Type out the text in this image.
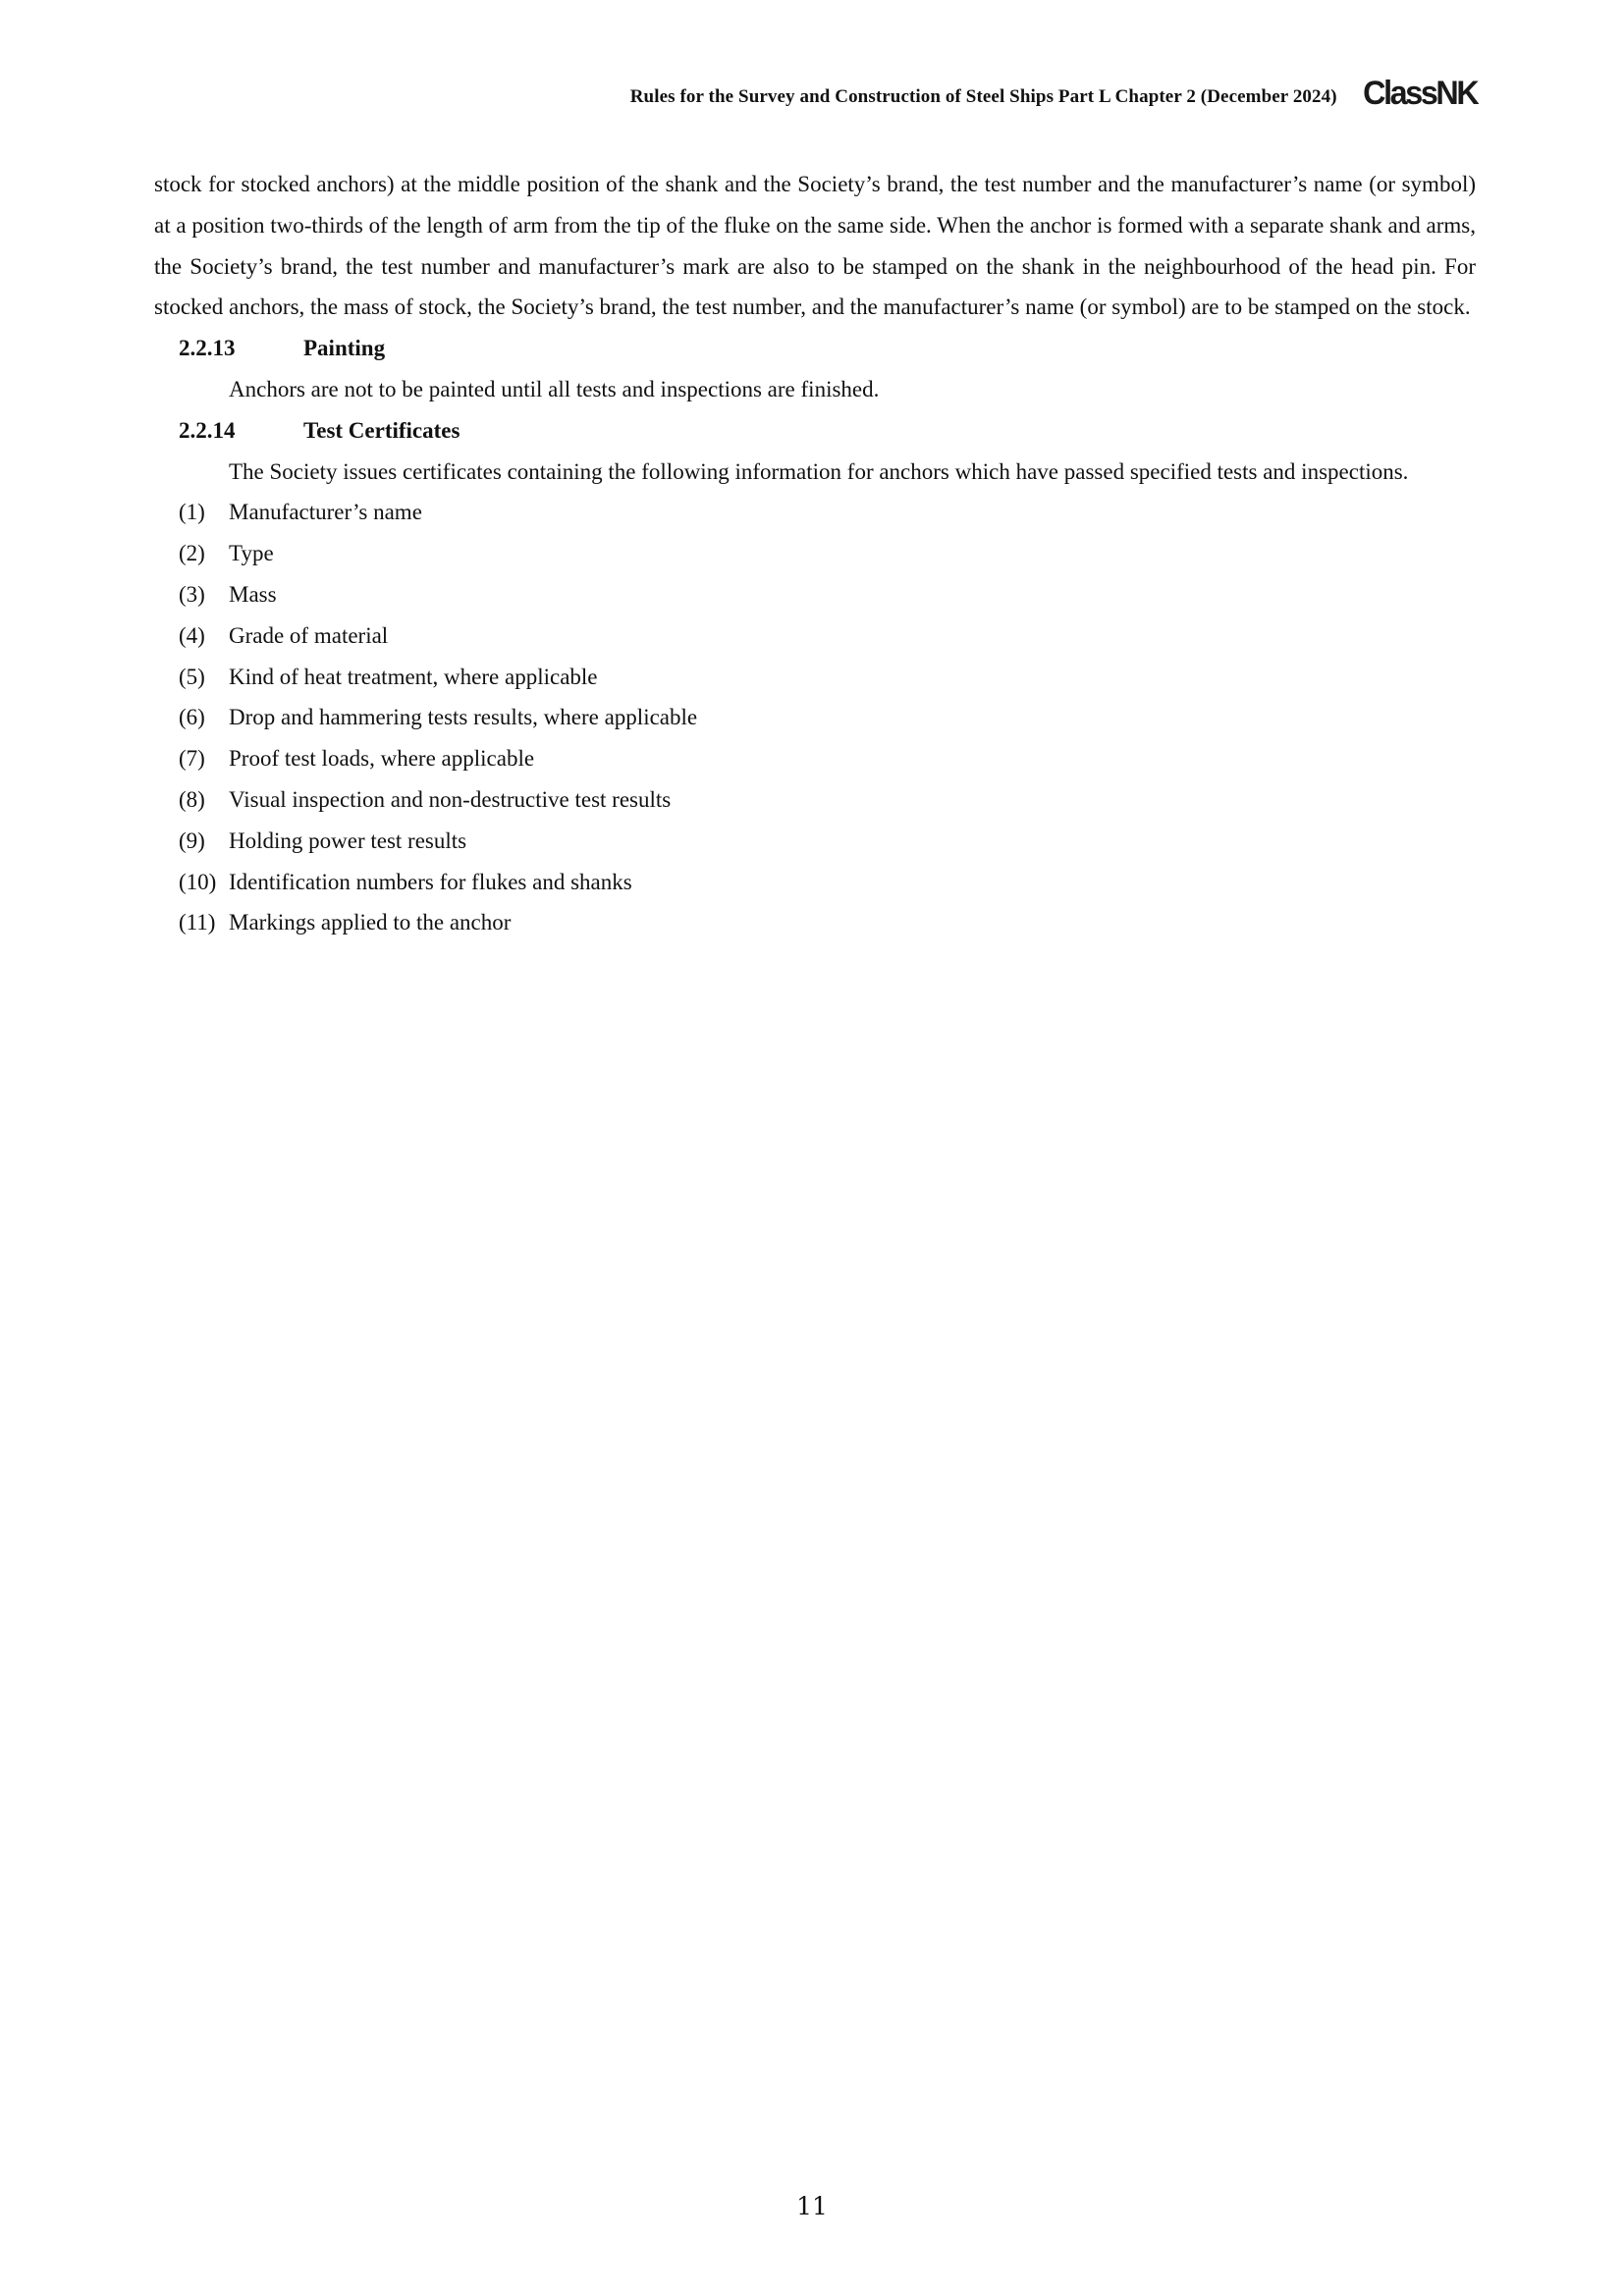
Rules for the Survey and Construction of Steel Ships Part L Chapter 2 (December 2024) ClassNK

stock for stocked anchors) at the middle position of the shank and the Society’s brand, the test number and the manufacturer’s name (or symbol) at a position two-thirds of the length of arm from the tip of the fluke on the same side. When the anchor is formed with a separate shank and arms, the Society’s brand, the test number and manufacturer’s mark are also to be stamped on the shank in the neighbourhood of the head pin. For stocked anchors, the mass of stock, the Society’s brand, the test number, and the manufacturer’s name (or symbol) are to be stamped on the stock.

2.2.13	Painting

Anchors are not to be painted until all tests and inspections are finished.

2.2.14	Test Certificates

The Society issues certificates containing the following information for anchors which have passed specified tests and inspections.

(1)	Manufacturer’s name
(2)	Type
(3)	Mass
(4)	Grade of material
(5)	Kind of heat treatment, where applicable
(6)	Drop and hammering tests results, where applicable
(7)	Proof test loads, where applicable
(8)	Visual inspection and non-destructive test results
(9)	Holding power test results
(10) Identification numbers for flukes and shanks
(11) Markings applied to the anchor
11
